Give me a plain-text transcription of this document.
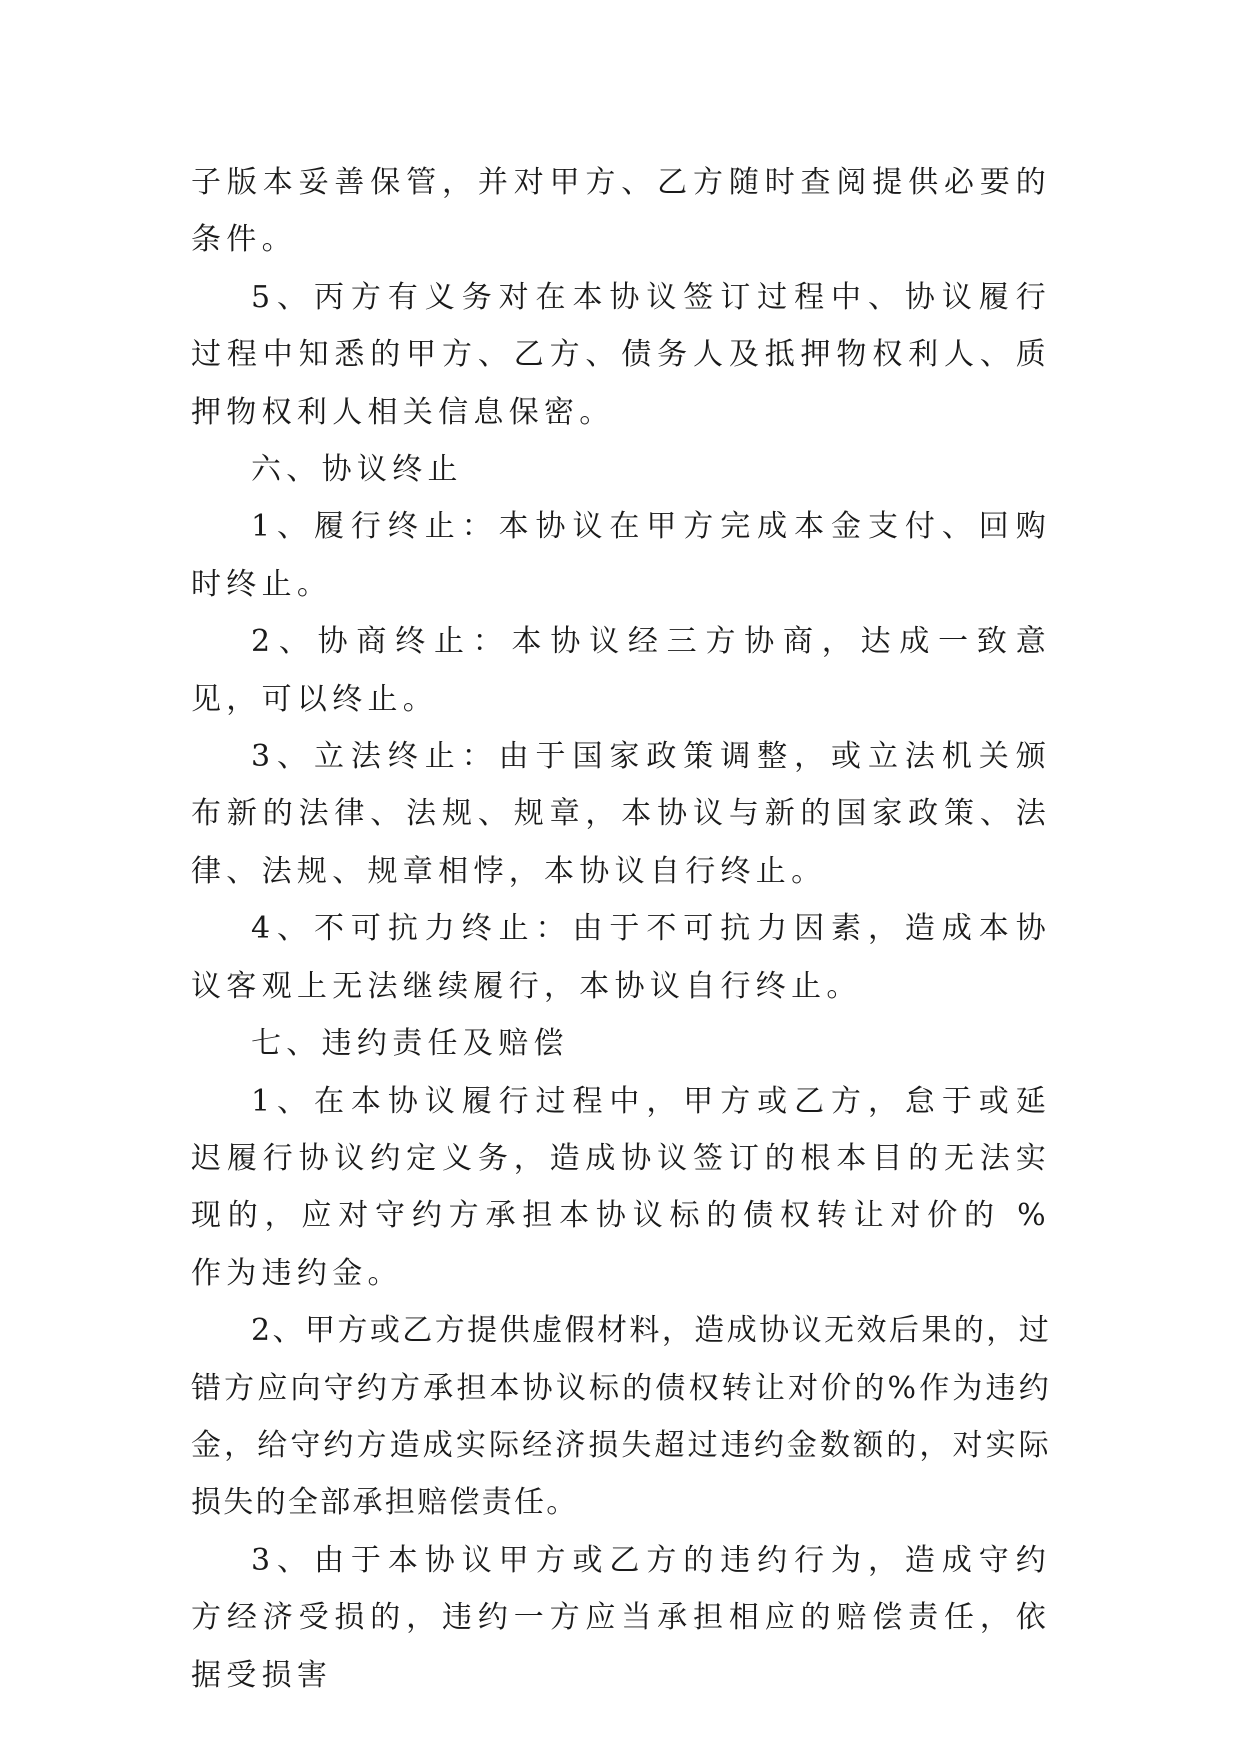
子版本妥善保管，并对甲方、乙方随时查阅提供必要的条件。

5、丙方有义务对在本协议签订过程中、协议履行过程中知悉的甲方、乙方、债务人及抵押物权利人、质押物权利人相关信息保密。

六、协议终止

1、履行终止：本协议在甲方完成本金支付、回购时终止。

2、协商终止：本协议经三方协商，达成一致意见，可以终止。

3、立法终止：由于国家政策调整，或立法机关颁布新的法律、法规、规章，本协议与新的国家政策、法律、法规、规章相悖，本协议自行终止。

4、不可抗力终止：由于不可抗力因素，造成本协议客观上无法继续履行，本协议自行终止。

七、违约责任及赔偿

1、在本协议履行过程中，甲方或乙方，怠于或延迟履行协议约定义务，造成协议签订的根本目的无法实现的，应对守约方承担本协议标的债权转让对价的 %作为违约金。

2、甲方或乙方提供虚假材料，造成协议无效后果的，过错方应向守约方承担本协议标的债权转让对价的%作为违约金，给守约方造成实际经济损失超过违约金数额的，对实际损失的全部承担赔偿责任。

3、由于本协议甲方或乙方的违约行为，造成守约方经济受损的，违约一方应当承担相应的赔偿责任，依据受损害
